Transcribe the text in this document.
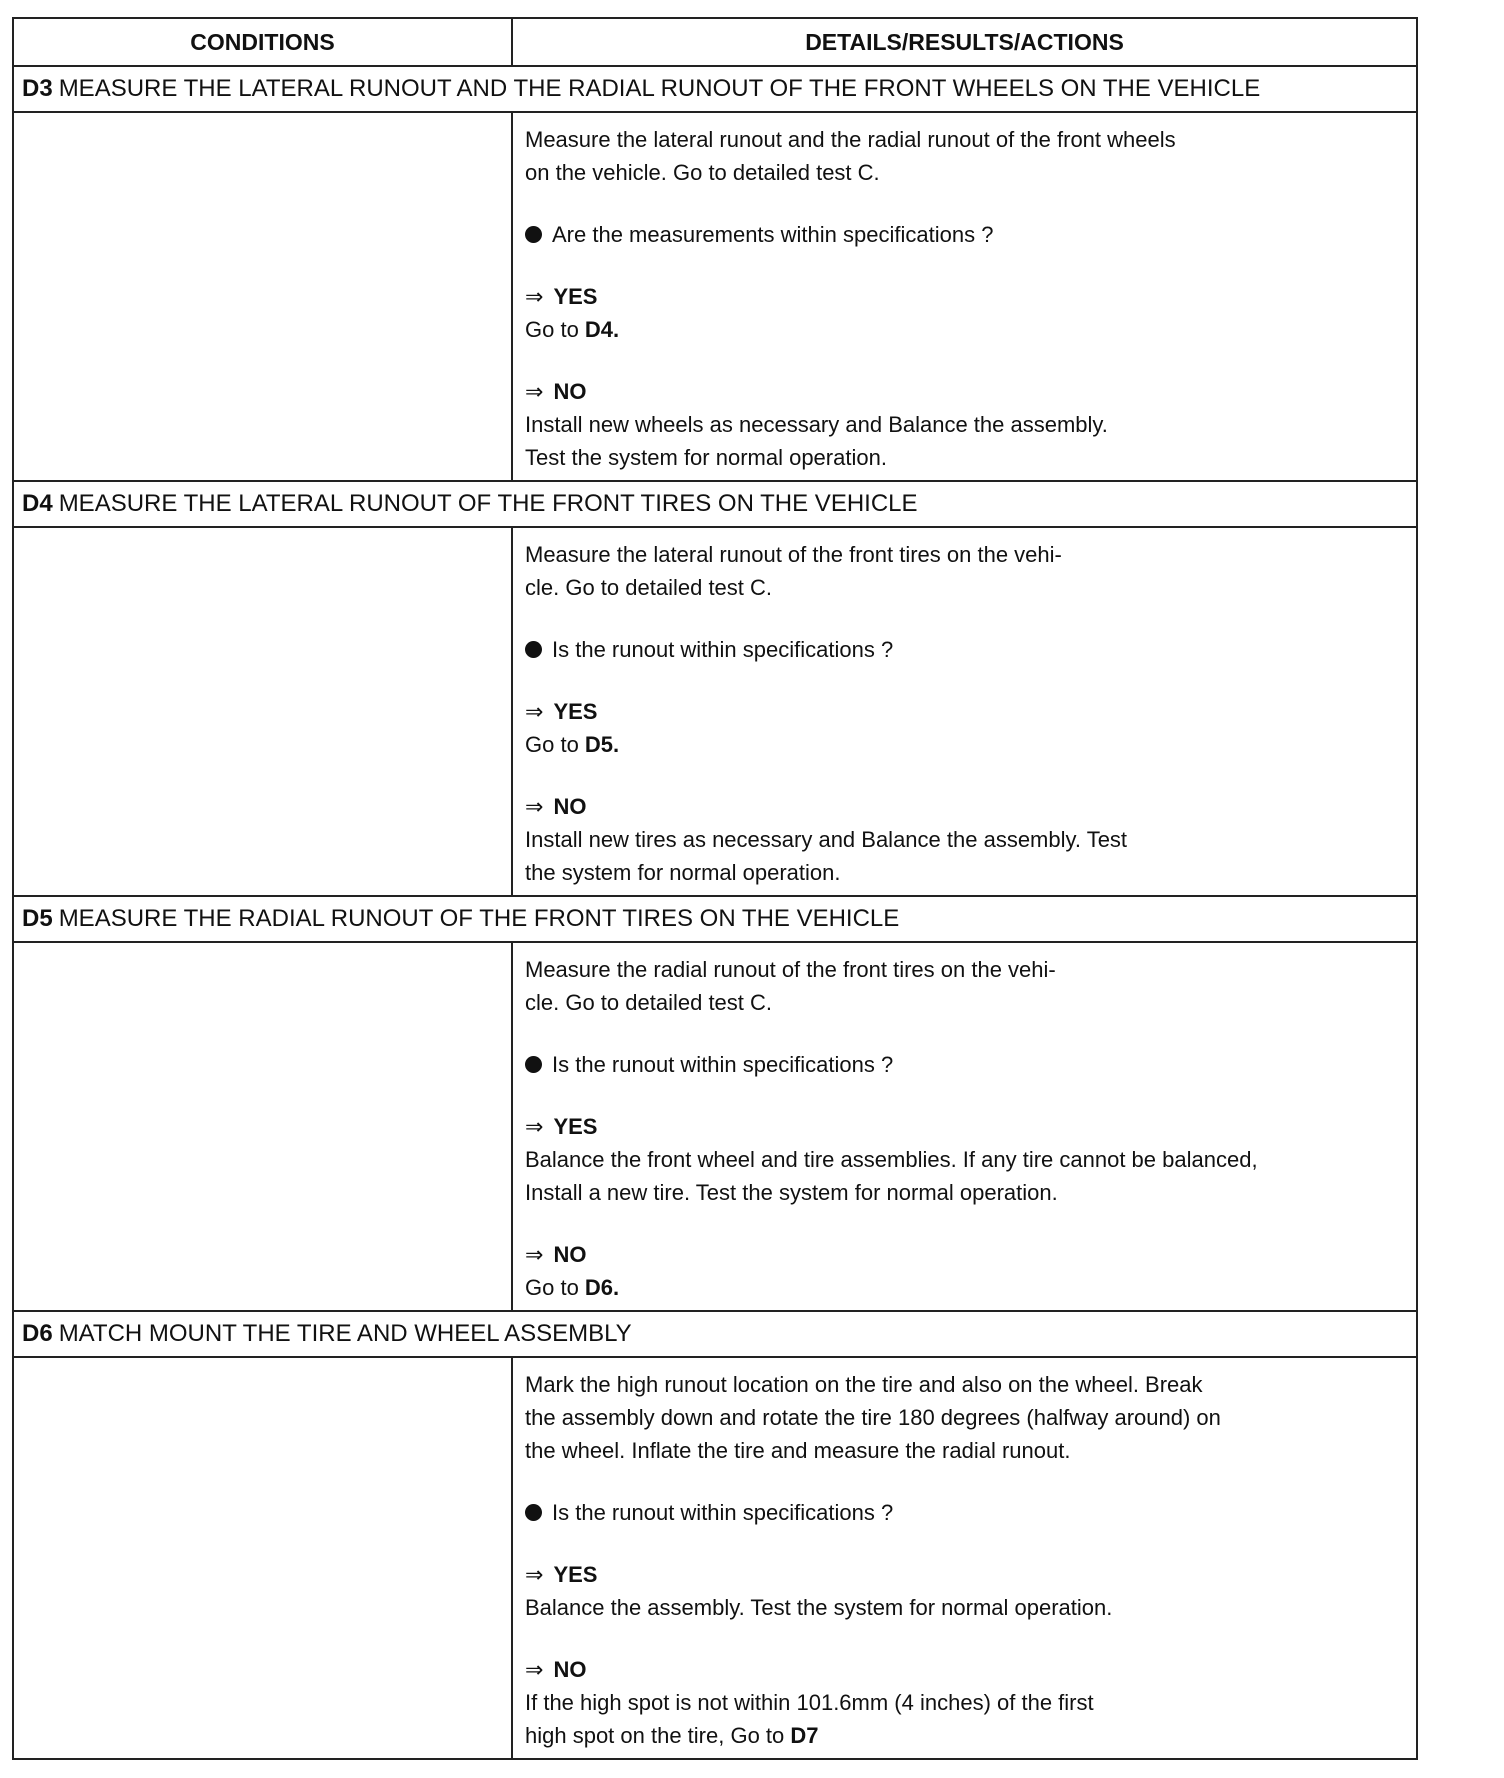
CONDITIONS	DETAILS/RESULTS/ACTIONS
D3 MEASURE THE LATERAL RUNOUT AND THE RADIAL RUNOUT OF THE FRONT WHEELS ON THE VEHICLE
Measure the lateral runout and the radial runout of the front wheels
on the vehicle. Go to detailed test C.
Are the measurements within specifications ?
⇒ YES
Go to D4.
⇒ NO
Install new wheels as necessary and Balance the assembly.
Test the system for normal operation.
D4 MEASURE THE LATERAL RUNOUT OF THE FRONT TIRES ON THE VEHICLE
Measure the lateral runout of the front tires on the vehi-
cle. Go to detailed test C.
Is the runout within specifications ?
⇒ YES
Go to D5.
⇒ NO
Install new tires as necessary and Balance the assembly. Test
the system for normal operation.
D5 MEASURE THE RADIAL RUNOUT OF THE FRONT TIRES ON THE VEHICLE
Measure the radial runout of the front tires on the vehi-
cle. Go to detailed test C.
Is the runout within specifications ?
⇒ YES
Balance the front wheel and tire assemblies. If any tire cannot be balanced,
Install a new tire. Test the system for normal operation.
⇒ NO
Go to D6.
D6 MATCH MOUNT THE TIRE AND WHEEL ASSEMBLY
Mark the high runout location on the tire and also on the wheel. Break
the assembly down and rotate the tire 180 degrees (halfway around) on
the wheel. Inflate the tire and measure the radial runout.
Is the runout within specifications ?
⇒ YES
Balance the assembly. Test the system for normal operation.
⇒ NO
If the high spot is not within 101.6mm (4 inches) of the first
high spot on the tire, Go to D7
